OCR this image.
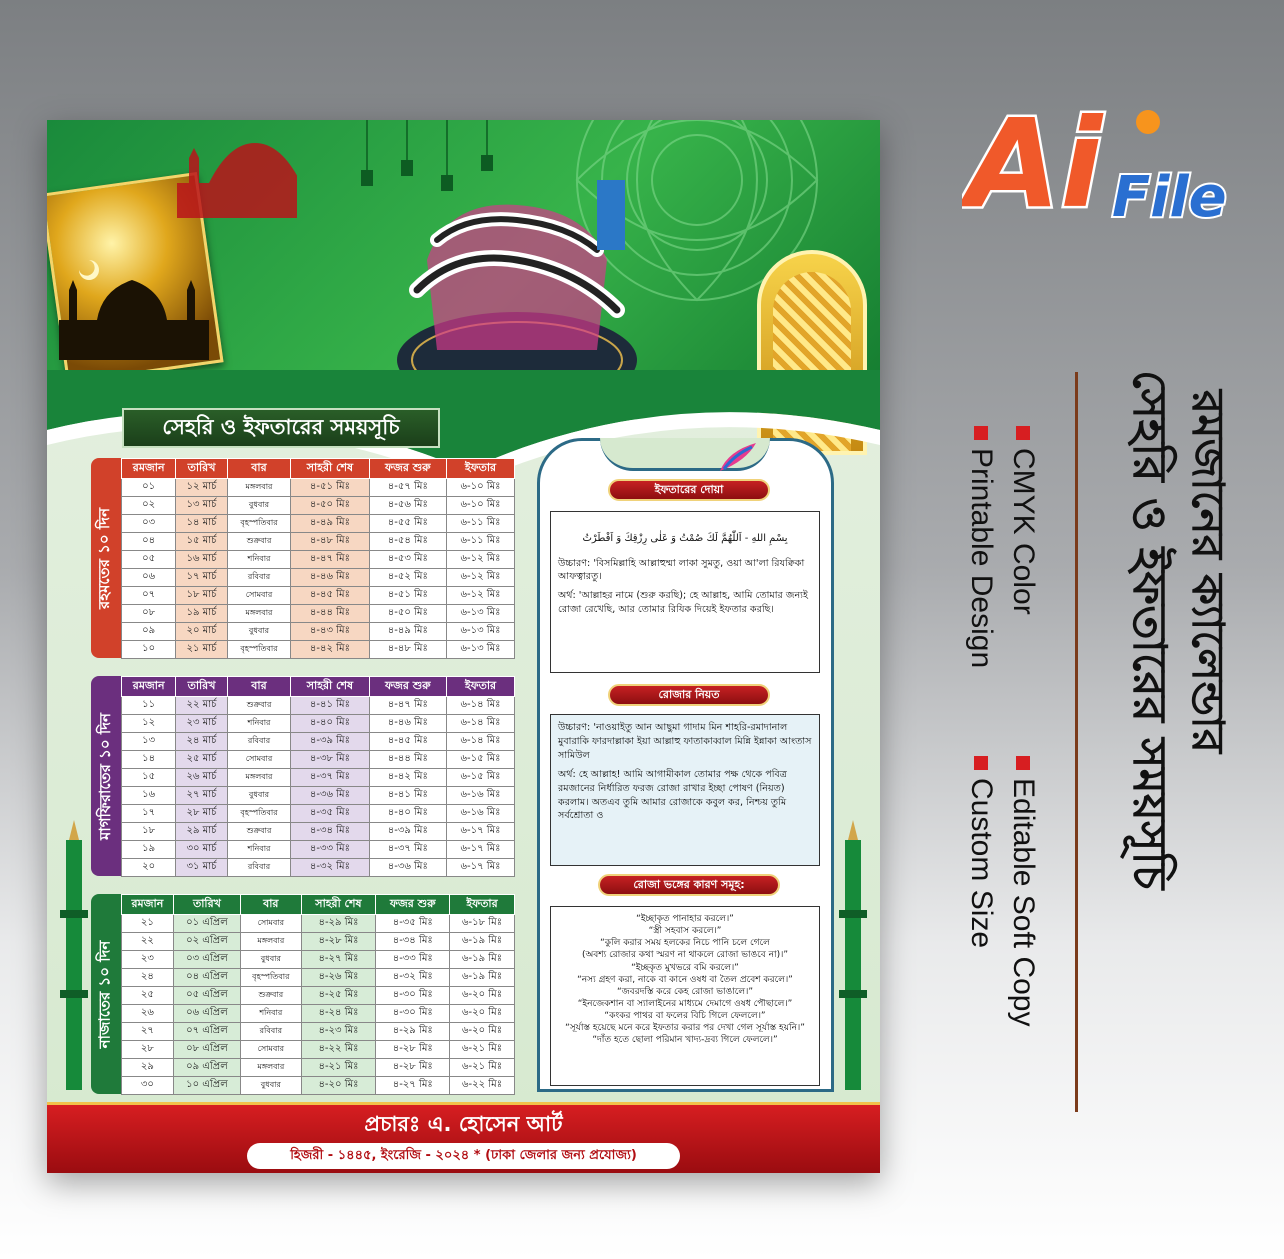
সেহরি ও ইফতারের সময়সূচি
রহমতের ১০ দিন
রমজান	তারিখ	বার	সাহরী শেষ	ফজর শুরু	ইফতার
০১	১২ মার্চ	মঙ্গলবার	৪-৫১ মিঃ	৪-৫৭ মিঃ	৬-১০ মিঃ
০২	১৩ মার্চ	বুধবার	৪-৫০ মিঃ	৪-৫৬ মিঃ	৬-১০ মিঃ
০৩	১৪ মার্চ	বৃহস্পতিবার	৪-৪৯ মিঃ	৪-৫৫ মিঃ	৬-১১ মিঃ
০৪	১৫ মার্চ	শুক্রবার	৪-৪৮ মিঃ	৪-৫৪ মিঃ	৬-১১ মিঃ
০৫	১৬ মার্চ	শনিবার	৪-৪৭ মিঃ	৪-৫৩ মিঃ	৬-১২ মিঃ
০৬	১৭ মার্চ	রবিবার	৪-৪৬ মিঃ	৪-৫২ মিঃ	৬-১২ মিঃ
০৭	১৮ মার্চ	সোমবার	৪-৪৫ মিঃ	৪-৫১ মিঃ	৬-১২ মিঃ
০৮	১৯ মার্চ	মঙ্গলবার	৪-৪৪ মিঃ	৪-৫০ মিঃ	৬-১৩ মিঃ
০৯	২০ মার্চ	বুধবার	৪-৪৩ মিঃ	৪-৪৯ মিঃ	৬-১৩ মিঃ
১০	২১ মার্চ	বৃহস্পতিবার	৪-৪২ মিঃ	৪-৪৮ মিঃ	৬-১৩ মিঃ
মাগফিরাতের ১০ দিন
রমজান	তারিখ	বার	সাহরী শেষ	ফজর শুরু	ইফতার
১১	২২ মার্চ	শুক্রবার	৪-৪১ মিঃ	৪-৪৭ মিঃ	৬-১৪ মিঃ
১২	২৩ মার্চ	শনিবার	৪-৪০ মিঃ	৪-৪৬ মিঃ	৬-১৪ মিঃ
১৩	২৪ মার্চ	রবিবার	৪-৩৯ মিঃ	৪-৪৫ মিঃ	৬-১৪ মিঃ
১৪	২৫ মার্চ	সোমবার	৪-৩৮ মিঃ	৪-৪৪ মিঃ	৬-১৫ মিঃ
১৫	২৬ মার্চ	মঙ্গলবার	৪-৩৭ মিঃ	৪-৪২ মিঃ	৬-১৫ মিঃ
১৬	২৭ মার্চ	বুধবার	৪-৩৬ মিঃ	৪-৪১ মিঃ	৬-১৬ মিঃ
১৭	২৮ মার্চ	বৃহস্পতিবার	৪-৩৫ মিঃ	৪-৪০ মিঃ	৬-১৬ মিঃ
১৮	২৯ মার্চ	শুক্রবার	৪-৩৪ মিঃ	৪-৩৯ মিঃ	৬-১৭ মিঃ
১৯	৩০ মার্চ	শনিবার	৪-৩৩ মিঃ	৪-৩৭ মিঃ	৬-১৭ মিঃ
২০	৩১ মার্চ	রবিবার	৪-৩২ মিঃ	৪-৩৬ মিঃ	৬-১৭ মিঃ
নাজাতের ১০ দিন
রমজান	তারিখ	বার	সাহরী শেষ	ফজর শুরু	ইফতার
২১	০১ এপ্রিল	সোমবার	৪-২৯ মিঃ	৪-৩৫ মিঃ	৬-১৮ মিঃ
২২	০২ এপ্রিল	মঙ্গলবার	৪-২৮ মিঃ	৪-৩৪ মিঃ	৬-১৯ মিঃ
২৩	০৩ এপ্রিল	বুধবার	৪-২৭ মিঃ	৪-৩৩ মিঃ	৬-১৯ মিঃ
২৪	০৪ এপ্রিল	বৃহস্পতিবার	৪-২৬ মিঃ	৪-৩২ মিঃ	৬-১৯ মিঃ
২৫	০৫ এপ্রিল	শুক্রবার	৪-২৫ মিঃ	৪-৩০ মিঃ	৬-২০ মিঃ
২৬	০৬ এপ্রিল	শনিবার	৪-২৪ মিঃ	৪-৩০ মিঃ	৬-২০ মিঃ
২৭	০৭ এপ্রিল	রবিবার	৪-২৩ মিঃ	৪-২৯ মিঃ	৬-২০ মিঃ
২৮	০৮ এপ্রিল	সোমবার	৪-২২ মিঃ	৪-২৮ মিঃ	৬-২১ মিঃ
২৯	০৯ এপ্রিল	মঙ্গলবার	৪-২১ মিঃ	৪-২৮ মিঃ	৬-২১ মিঃ
৩০	১০ এপ্রিল	বুধবার	৪-২০ মিঃ	৪-২৭ মিঃ	৬-২২ মিঃ
ইফতারের দোয়া

بِسْمِ اللهِ - اَللّٰهُمَّ لَكَ صُمْتُ وَ عَلٰى رِزْقِكَ وَ اَفْطَرْتُ

উচ্চারণ: 'বিসমিল্লাহি আল্লাহুম্মা লাকা সুমতু, ওয়া আ'লা রিযক্বিকা আফত্বারতু।

অর্থ: 'আল্লাহর নামে (শুরু করছি); হে আল্লাহ, আমি তোমার জন্যই রোজা রেখেছি, আর তোমার রিযিক দিয়েই ইফতার করছি।

রোজার নিয়ত

উচ্চারণ: 'নাওয়াইতু আন আছুমা গাদাম মিন শাহরি-রমাদানাল মুবারাকি ফারদাল্লাকা ইয়া আল্লাহু ফাতাকাব্বাল মিন্নি ইন্নাকা আংতাস সামিউল

অর্থ: হে আল্লাহ! আমি আগামীকাল তোমার পক্ষ থেকে পবিত্র রমজানের নির্ধারিত ফরজ রোজা রাখার ইচ্ছা পোষণ (নিয়ত) করলাম। অতএব তুমি আমার রোজাকে কবুল কর, নিশ্চয় তুমি সর্বশ্রোতা ও

রোজা ভঙ্গের কারণ সমূহ:
“ইচ্ছাকৃত পানাহার করলে।”
“স্ত্রী সহবাস করলে।”
“কুলি করার সময় হলকের নিচে পানি চলে গেলে
(অবশ্য রোজার কথা স্মরণ না থাকলে রোজা ভাঙবে না)।”
“ইচ্ছকৃত মুখভরে বমি করলে।”
“নস্য গ্রহণ করা, নাকে বা কানে ওষধ বা তৈল প্রবেশ করলে।”
“জবরদস্তি করে কেহ রোজা ভাঙালে।”
“ইনজেকশান বা স্যালাইনের মাধ্যমে দেমাগে ওষধ পৌছালে।”
“কংকর পাথর বা ফলের বিচি গিলে ফেললে।”
“সূর্যাস্ত হয়েছে মনে করে ইফতার করার পর দেখা গেল সূর্যাস্ত হয়নি।”
“দাঁত হতে ছোলা পরিমান খাদ্য-দ্রব্য গিলে ফেললে।”
প্রচারঃ এ. হোসেন আর্ট
হিজরী - ১৪৪৫, ইংরেজি - ২০২৪ * (ঢাকা জেলার জন্য প্রযোজ্য)
Ai File
রমজানের ক্যালেন্ডার
সেহরি ও ইফতারের সময়সূচি
CMYK Color
Printable Design
Editable Soft Copy
Custom Size
